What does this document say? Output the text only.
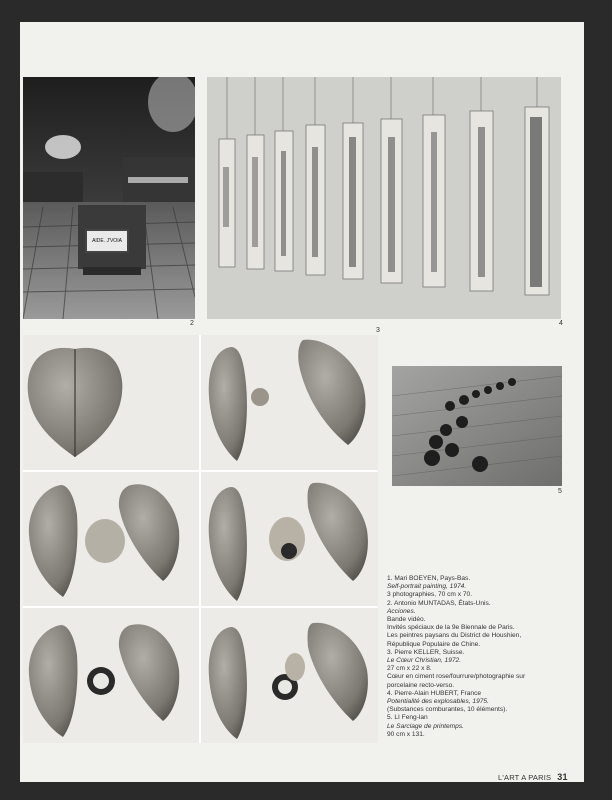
AIDE. J'VOIA
2
3
4
5
1. Mari BOEYEN, Pays-Bas.
Self-portrait painting, 1974.
3 photographies, 70 cm x 70.
2. Antonio MUNTADAS, États-Unis.
Acciones.
Bande vidéo.
Invités spéciaux de la 9e Biennale de Paris.
Les peintres paysans du District de Houshien,
République Populaire de Chine.
3. Pierre KELLER, Suisse.
Le Cœur Christian, 1972.
27 cm x 22 x 8.
Cœur en ciment rose/fourrure/photographie sur
porcelaine recto-verso.
4. Pierre-Alain HUBERT, France
Potentialité des explosables, 1975.
(Substances comburantes, 10 éléments).
5. LI Feng-lan
Le Sarclage de printemps.
90 cm x 131.
L'ART A PARIS 31
